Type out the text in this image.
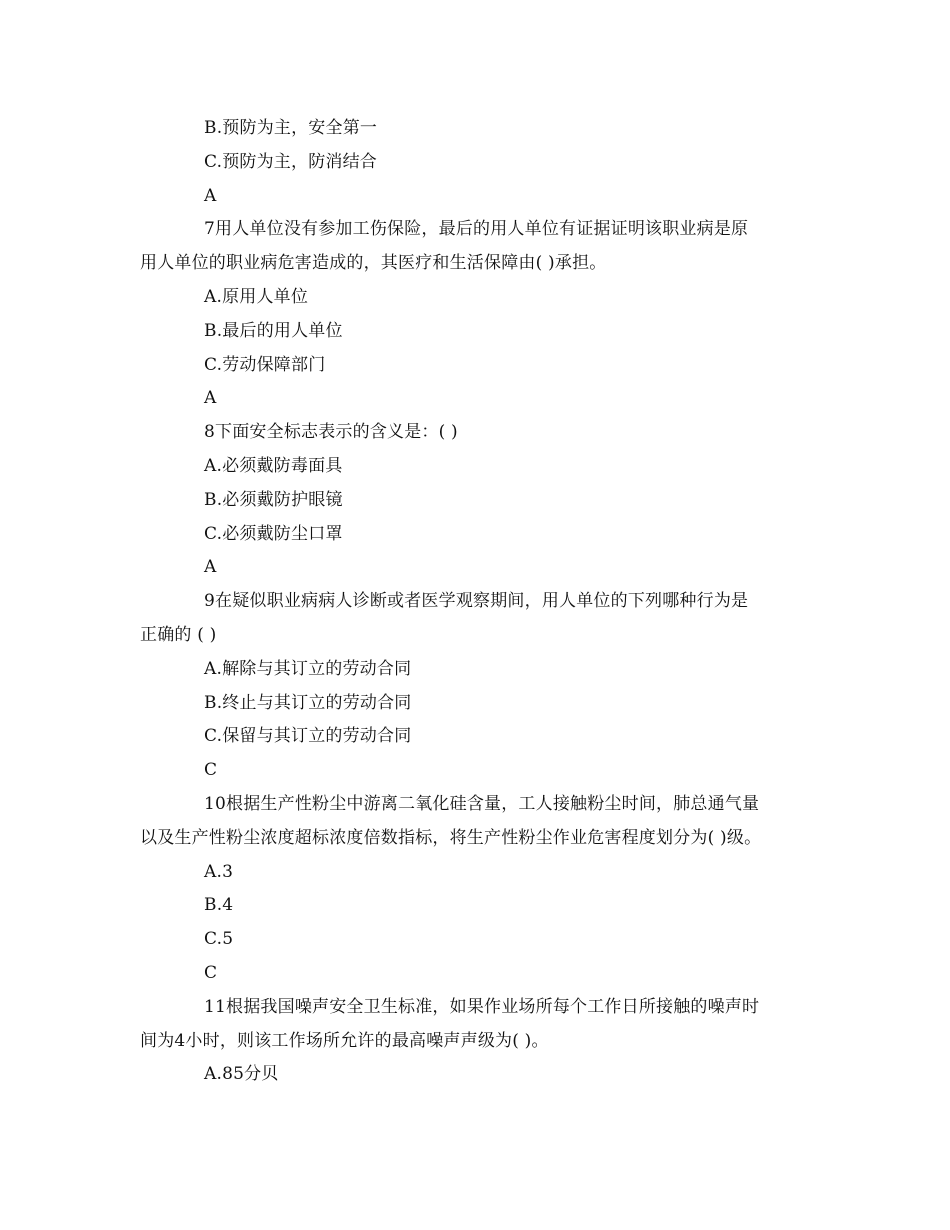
B.预防为主，安全第一
C.预防为主，防消结合
A
7用人单位没有参加工伤保险，最后的用人单位有证据证明该职业病是原
用人单位的职业病危害造成的，其医疗和生活保障由( )承担。
A.原用人单位
B.最后的用人单位
C.劳动保障部门
A
8下面安全标志表示的含义是：( )
A.必须戴防毒面具
B.必须戴防护眼镜
C.必须戴防尘口罩
A
9在疑似职业病病人诊断或者医学观察期间，用人单位的下列哪种行为是
正确的 ( )
A.解除与其订立的劳动合同
B.终止与其订立的劳动合同
C.保留与其订立的劳动合同
C
10根据生产性粉尘中游离二氧化硅含量，工人接触粉尘时间，肺总通气量
以及生产性粉尘浓度超标浓度倍数指标，将生产性粉尘作业危害程度划分为( )级。
A.3
B.4
C.5
C
11根据我国噪声安全卫生标准，如果作业场所每个工作日所接触的噪声时
间为4小时，则该工作场所允许的最高噪声声级为( )。
A.85分贝
